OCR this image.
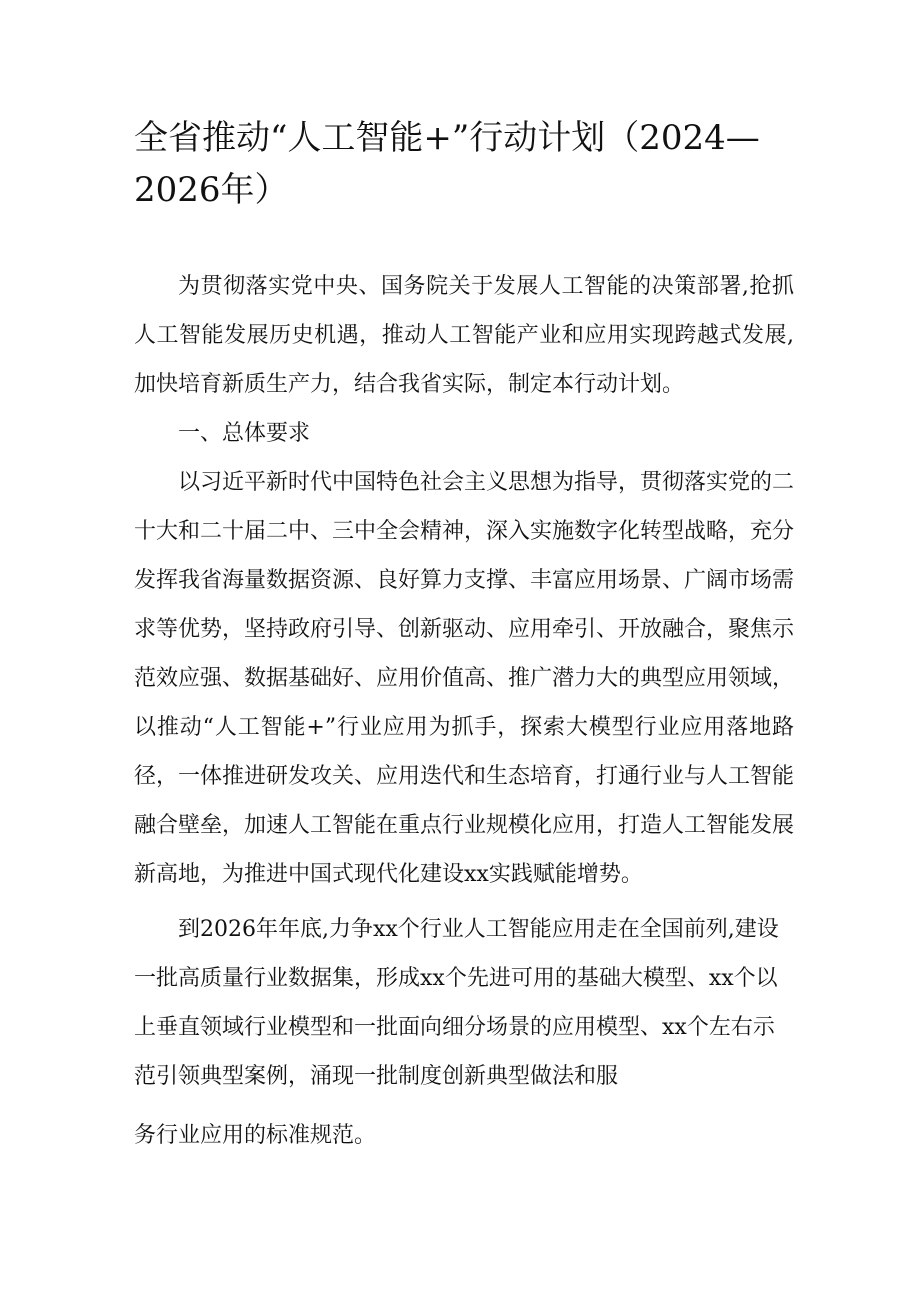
全省推动“人工智能+”行动计划（2024—2026年）

为贯彻落实党中央、国务院关于发展人工智能的决策部署,抢抓人工智能发展历史机遇，推动人工智能产业和应用实现跨越式发展,加快培育新质生产力，结合我省实际，制定本行动计划。

一、总体要求

以习近平新时代中国特色社会主义思想为指导，贯彻落实党的二十大和二十届二中、三中全会精神，深入实施数字化转型战略，充分发挥我省海量数据资源、良好算力支撑、丰富应用场景、广阔市场需求等优势，坚持政府引导、创新驱动、应用牵引、开放融合，聚焦示范效应强、数据基础好、应用价值高、推广潜力大的典型应用领域，以推动“人工智能+”行业应用为抓手，探索大模型行业应用落地路径，一体推进研发攻关、应用迭代和生态培育，打通行业与人工智能融合壁垒，加速人工智能在重点行业规模化应用，打造人工智能发展新高地，为推进中国式现代化建设xx实践赋能增势。

到2026年年底,力争xx个行业人工智能应用走在全国前列,建设一批高质量行业数据集，形成xx个先进可用的基础大模型、xx个以上垂直领域行业模型和一批面向细分场景的应用模型、xx个左右示范引领典型案例，涌现一批制度创新典型做法和服

务行业应用的标准规范。
